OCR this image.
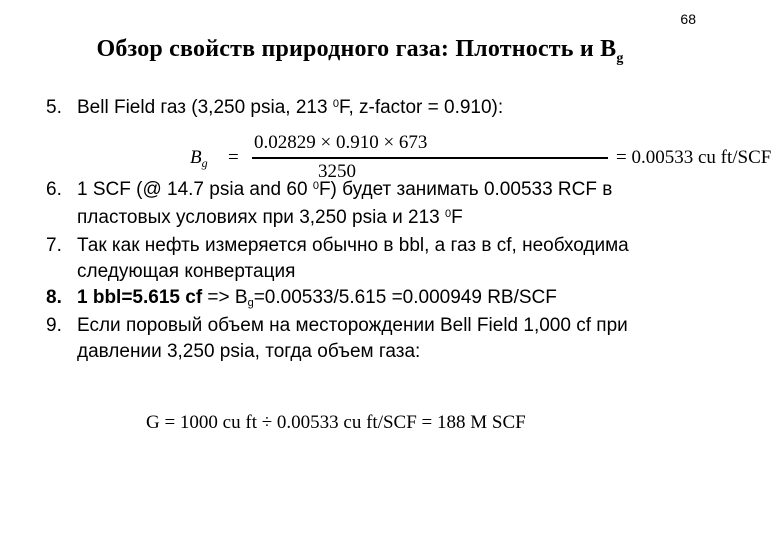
68
Обзор свойств природного газа: Плотность и $B_g$
5. Bell Field газ (3,250 psia, 213 $^0$F, z-factor = 0.910):
6. 1 SCF (@ 14.7 psia and 60 $^0$F) будет занимать 0.00533 RCF в пластовых условиях при 3,250 psia и 213 $^0$F
7. Так как нефть измеряется обычно в bbl, а газ в cf, необходима следующая конвертация
8. 1 bbl=5.615 cf => $B_g=0.00533/5.615 =0.000949$ RB/SCF
9. Если поровый объем на месторождении Bell Field 1,000 cf при давлении 3,250 psia, тогда объем газа:
$B_g$ =
0.02829 × 0.910 × 673
3250
= 0.00533 cu ft/SCF
G = 1000 cu ft ÷ 0.00533 cu ft/SCF = 188 M SCF
